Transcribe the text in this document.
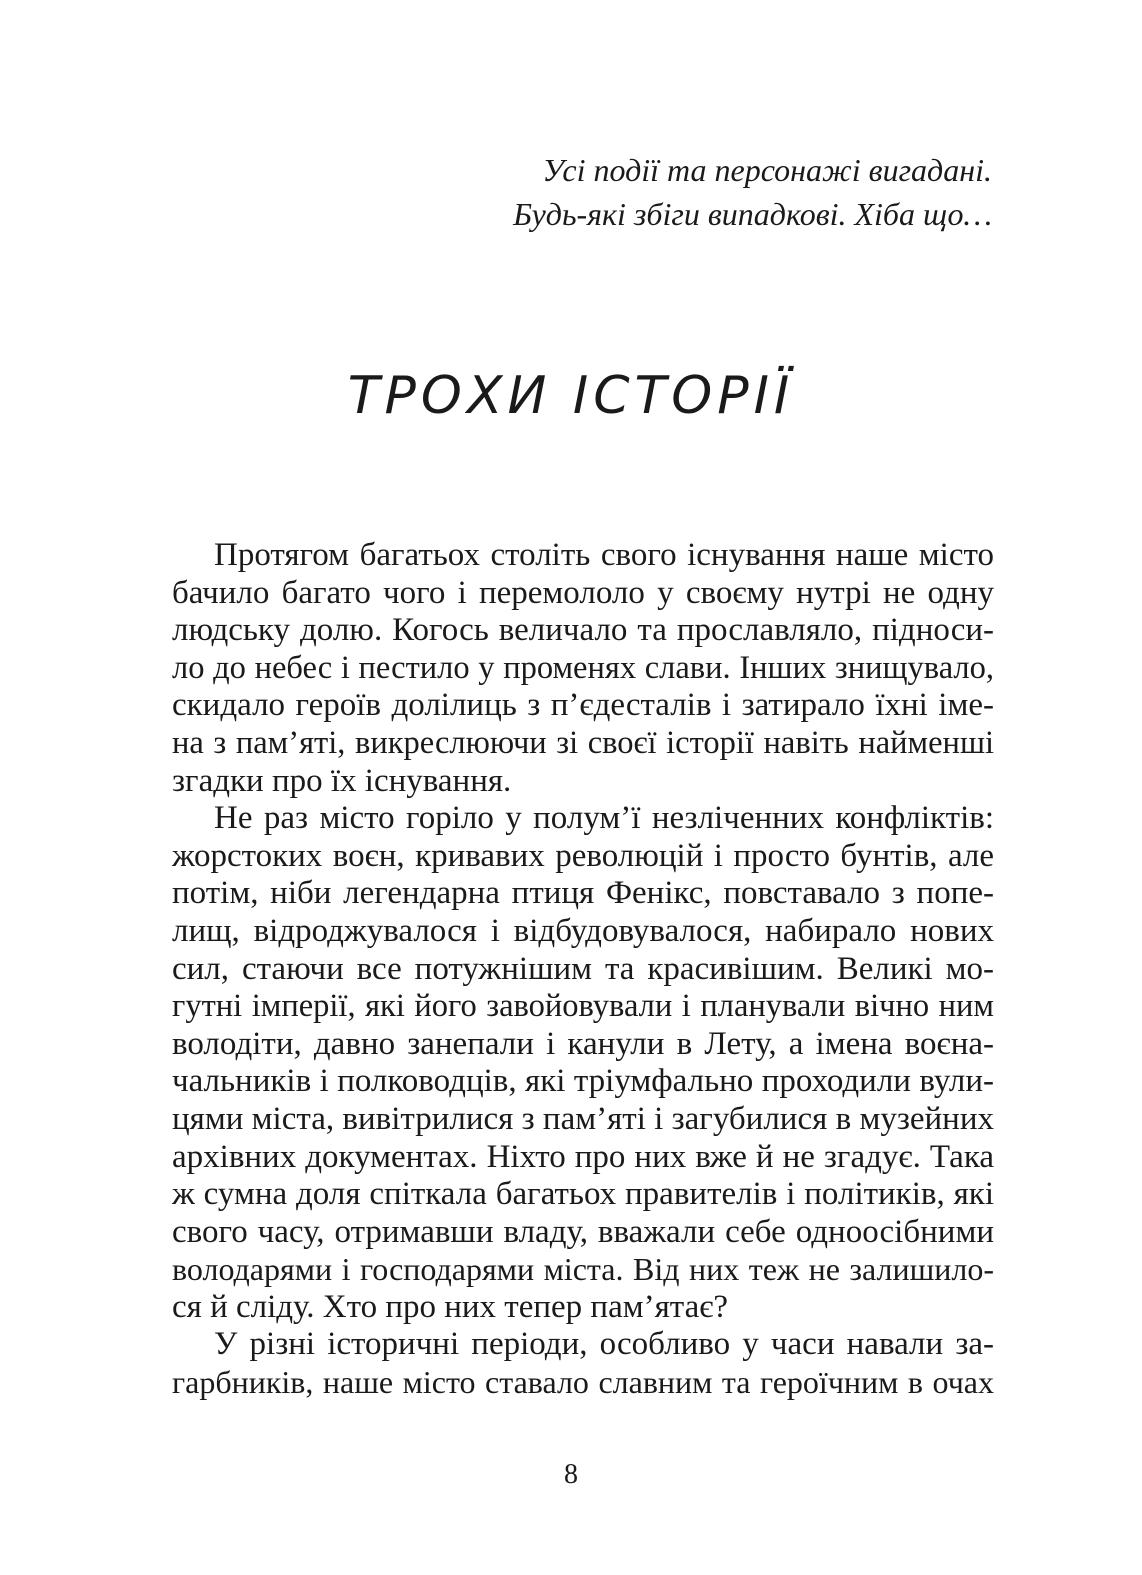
Усі події та персонажі вигадані.
Будь-які збіги випадкові. Хіба що…
ТРОХИ ІСТОРІЇ
Протягом багатьох століть свого існування наше місто
бачило багато чого і перемололо у своєму нутрі не одну
людську долю. Когось величало та прославляло, підноси-
ло до небес і пестило у променях слави. Інших знищувало,
скидало героїв долілиць з п’єдесталів і затирало їхні іме-
на з пам’яті, викреслюючи зі своєї історії навіть найменші
згадки про їх існування.
Не раз місто горіло у полум’ї незліченних конфліктів:
жорстоких воєн, кривавих революцій і просто бунтів, але
потім, ніби легендарна птиця Фенікс, повставало з попе-
лищ, відроджувалося і відбудовувалося, набирало нових
сил, стаючи все потужнішим та красивішим. Великі мо-
гутні імперії, які його завойовували і планували вічно ним
володіти, давно занепали і канули в Лету, а імена воєна-
чальників і полководців, які тріумфально проходили вули-
цями міста, вивітрилися з пам’яті і загубилися в музейних
архівних документах. Ніхто про них вже й не згадує. Така
ж сумна доля спіткала багатьох правителів і політиків, які
свого часу, отримавши владу, вважали себе одноосібними
володарями і господарями міста. Від них теж не залишило-
ся й сліду. Хто про них тепер пам’ятає?
У різні історичні періоди, особливо у часи навали за-
гарбників, наше місто ставало славним та героїчним в очах
8
